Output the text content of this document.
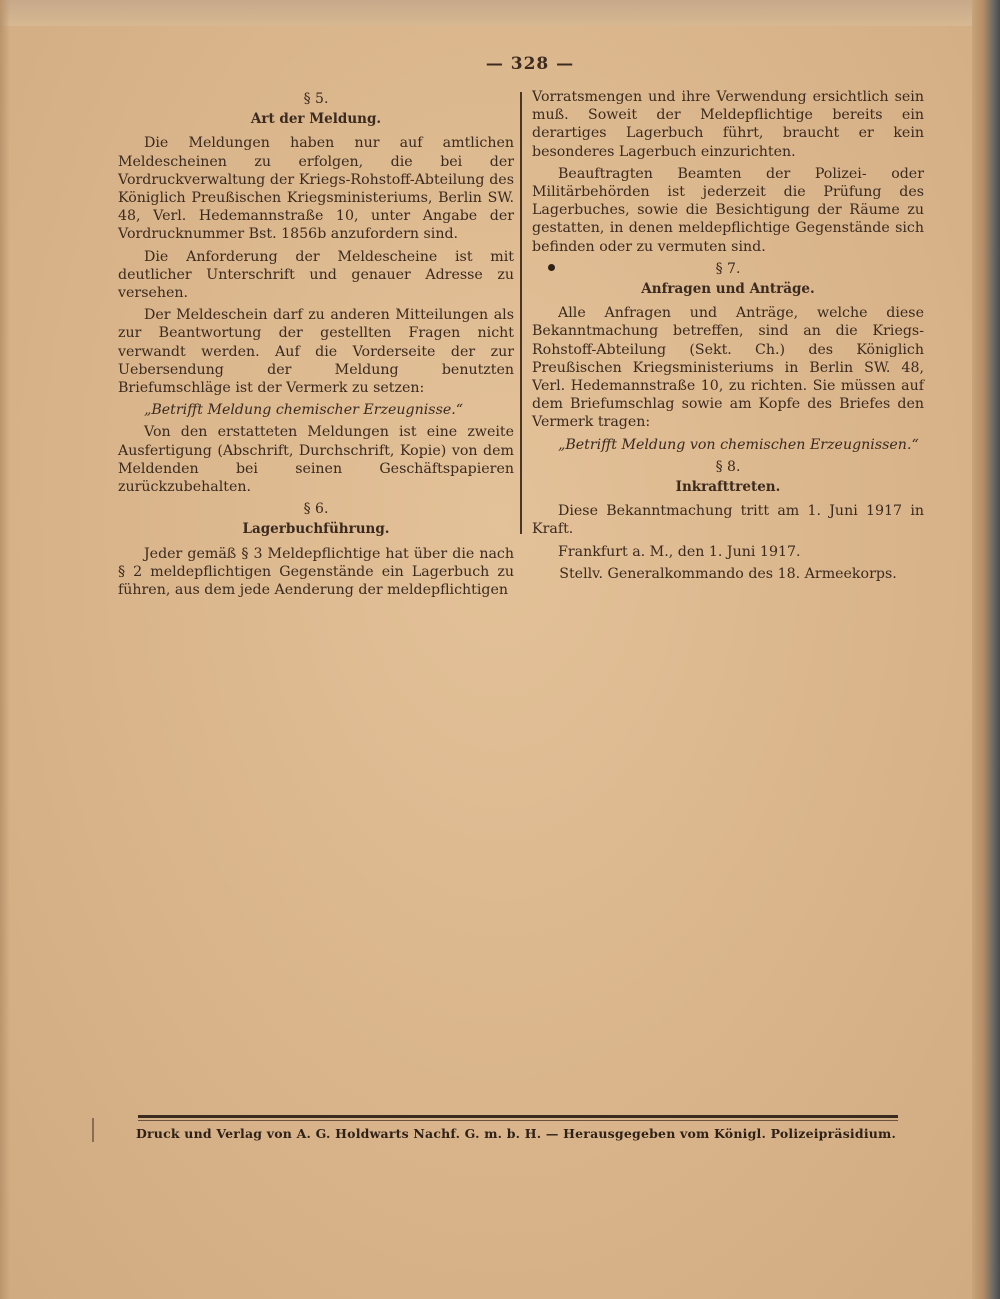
— 328 —
§ 5.
Art der Meldung.

Die Meldungen haben nur auf amtlichen Meldescheinen zu erfolgen, die bei der Vordruckverwaltung der Kriegs-Rohstoff-Abteilung des Königlich Preußischen Kriegsministeriums, Berlin SW. 48, Verl. Hedemannstraße 10, unter Angabe der Vordrucknummer Bst. 1856b anzufordern sind.

Die Anforderung der Meldescheine ist mit deutlicher Unterschrift und genauer Adresse zu versehen.

Der Meldeschein darf zu anderen Mitteilungen als zur Beantwortung der gestellten Fragen nicht verwandt werden. Auf die Vorderseite der zur Uebersendung der Meldung benutzten Briefumschläge ist der Vermerk zu setzen:

„Betrifft Meldung chemischer Erzeugnisse.“

Von den erstatteten Meldungen ist eine zweite Ausfertigung (Abschrift, Durchschrift, Kopie) von dem Meldenden bei seinen Geschäftspapieren zurückzubehalten.

§ 6.
Lagerbuchführung.

Jeder gemäß § 3 Meldepflichtige hat über die nach § 2 meldepflichtigen Gegenstände ein Lagerbuch zu führen, aus dem jede Aenderung der meldepflichtigen

Vorratsmengen und ihre Verwendung ersichtlich sein muß. Soweit der Meldepflichtige bereits ein derartiges Lagerbuch führt, braucht er kein besonderes Lagerbuch einzurichten.

Beauftragten Beamten der Polizei- oder Militärbehörden ist jederzeit die Prüfung des Lagerbuches, sowie die Besichtigung der Räume zu gestatten, in denen meldepflichtige Gegenstände sich befinden oder zu vermuten sind.

§ 7.
Anfragen und Anträge.

Alle Anfragen und Anträge, welche diese Bekanntmachung betreffen, sind an die Kriegs-Rohstoff-Abteilung (Sekt. Ch.) des Königlich Preußischen Kriegsministeriums in Berlin SW. 48, Verl. Hedemannstraße 10, zu richten. Sie müssen auf dem Briefumschlag sowie am Kopfe des Briefes den Vermerk tragen:

„Betrifft Meldung von chemischen Erzeugnissen.“

§ 8.
Inkrafttreten.

Diese Bekanntmachung tritt am 1. Juni 1917 in Kraft.

Frankfurt a. M., den 1. Juni 1917.

Stellv. Generalkommando des 18. Armeekorps.

Druck und Verlag von A. G. Holdwarts Nachf. G. m. b. H. — Herausgegeben vom Königl. Polizeipräsidium.
